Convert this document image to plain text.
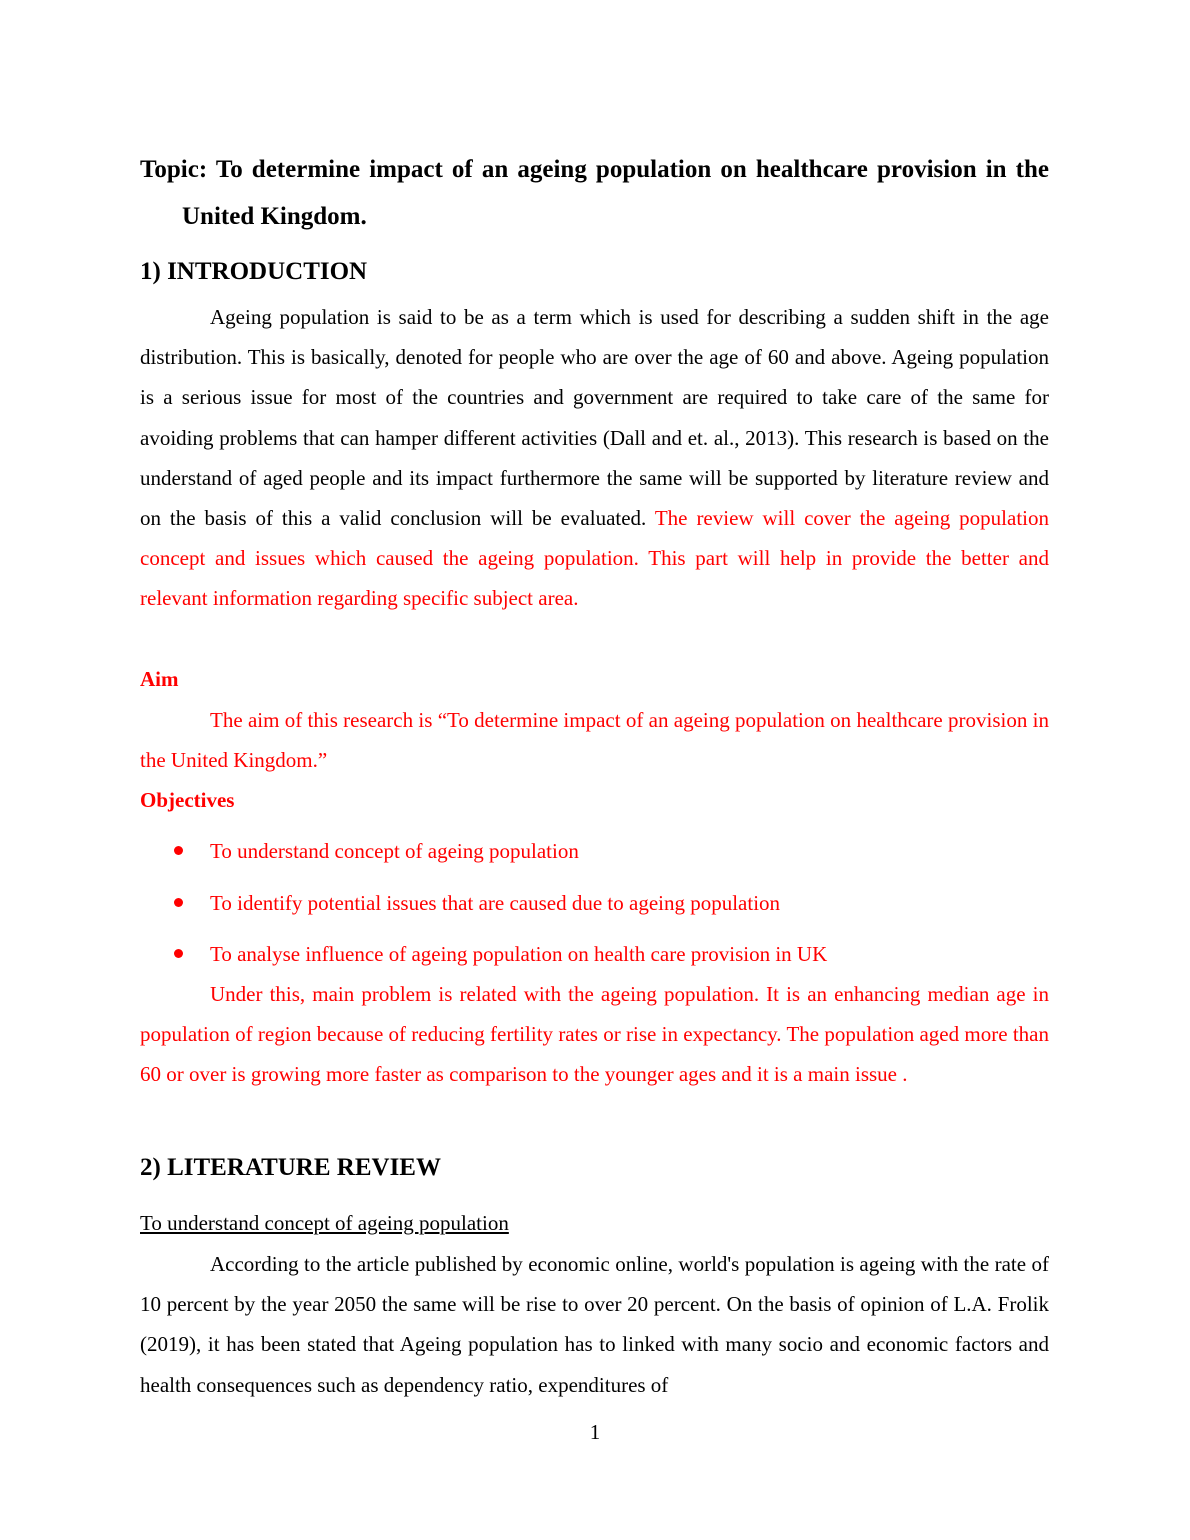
Topic: To determine impact of an ageing population on healthcare provision in the United Kingdom.
1) INTRODUCTION
Ageing population is said to be as a term which is used for describing a sudden shift in the age distribution. This is basically, denoted for people who are over the age of 60 and above. Ageing population is a serious issue for most of the countries and government are required to take care of the same for avoiding problems that can hamper different activities (Dall and et. al., 2013). This research is based on the understand of aged people and its impact furthermore the same will be supported by literature review and on the basis of this a valid conclusion will be evaluated. The review will cover the ageing population concept and issues which caused the ageing population. This part will help in provide the better and relevant information regarding specific subject area.
Aim
The aim of this research is “To determine impact of an ageing population on healthcare provision in the United Kingdom.”
Objectives
To understand concept of ageing population
To identify potential issues that are caused due to ageing population
To analyse influence of ageing population on health care provision in UK
Under this, main problem is related with the ageing population. It is an enhancing median age in population of region because of reducing fertility rates or rise in expectancy. The population aged more than 60 or over is growing more faster as comparison to the younger ages and it is a main issue .
2) LITERATURE REVIEW
To understand concept of ageing population
According to the article published by economic online, world's population is ageing with the rate of 10 percent by the year 2050 the same will be rise to over 20 percent. On the basis of opinion of L.A. Frolik (2019), it has been stated that Ageing population has to linked with many socio and economic factors and health consequences such as dependency ratio, expenditures of
1
